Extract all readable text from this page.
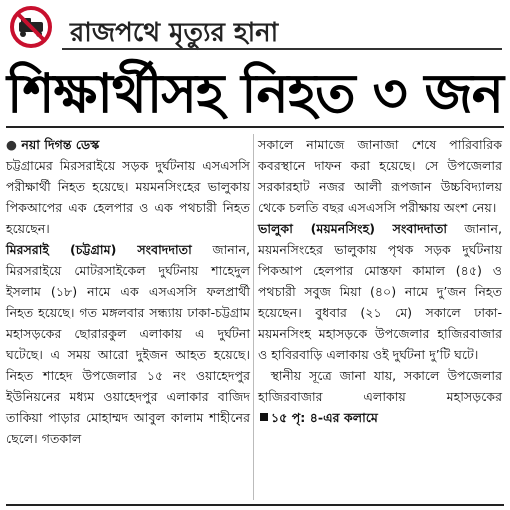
রাজপথে মৃত্যুর হানা
শিক্ষার্থীসহ নিহত ৩ জন
● নয়া দিগন্ত ডেস্ক

চট্টগ্রামের মিরসরাইয়ে সড়ক দুর্ঘটনায় এসএসসি পরীক্ষার্থী নিহত হয়েছে। ময়মনসিংহের ভালুকায় পিকআপের এক হেলপার ও এক পথচারী নিহত হয়েছেন।

মিরসরাই (চট্টগ্রাম) সংবাদদাতা জানান, মিরসরাইয়ে মোটরসাইকেল দুর্ঘটনায় শাহেদুল ইসলাম (১৮) নামে এক এসএসসি ফলপ্রার্থী নিহত হয়েছে। গত মঙ্গলবার সন্ধ্যায় ঢাকা-চট্টগ্রাম মহাসড়কের ছোরারকুল এলাকায় এ দুর্ঘটনা ঘটেছে। এ সময় আরো দুইজন আহত হয়েছে। নিহত শাহেদ উপজেলার ১৫ নং ওয়াহেদপুর ইউনিয়নের মধ্যম ওয়াহেদপুর এলাকার বাজিদ তাকিয়া পাড়ার মোহাম্মদ আবুল কালাম শাহীনের ছেলে। গতকাল

সকালে নামাজে জানাজা শেষে পারিবারিক কবরস্থানে দাফন করা হয়েছে। সে উপজেলার সরকারহাট নজর আলী রূপজান উচ্চবিদ্যালয় থেকে চলতি বছর এসএসসি পরীক্ষায় অংশ নেয়।

ভালুকা (ময়মনসিংহ) সংবাদদাতা জানান, ময়মনসিংহের ভালুকায় পৃথক সড়ক দুর্ঘটনায় পিকআপ হেলপার মোস্তফা কামাল (৪৫) ও পথচারী সবুজ মিয়া (৪০) নামে দু’জন নিহত হয়েছেন। বুধবার (২১ মে) সকালে ঢাকা-ময়মনসিংহ মহাসড়কে উপজেলার হাজিরবাজার ও হাবিরবাড়ি এলাকায় ওই দুর্ঘটনা দু’টি ঘটে।

 স্থানীয় সূত্রে জানা যায়, সকালে উপজেলার হাজিরবাজার এলাকায় মহাসড়কের ১৫ পৃ: ৪-এর কলামে
